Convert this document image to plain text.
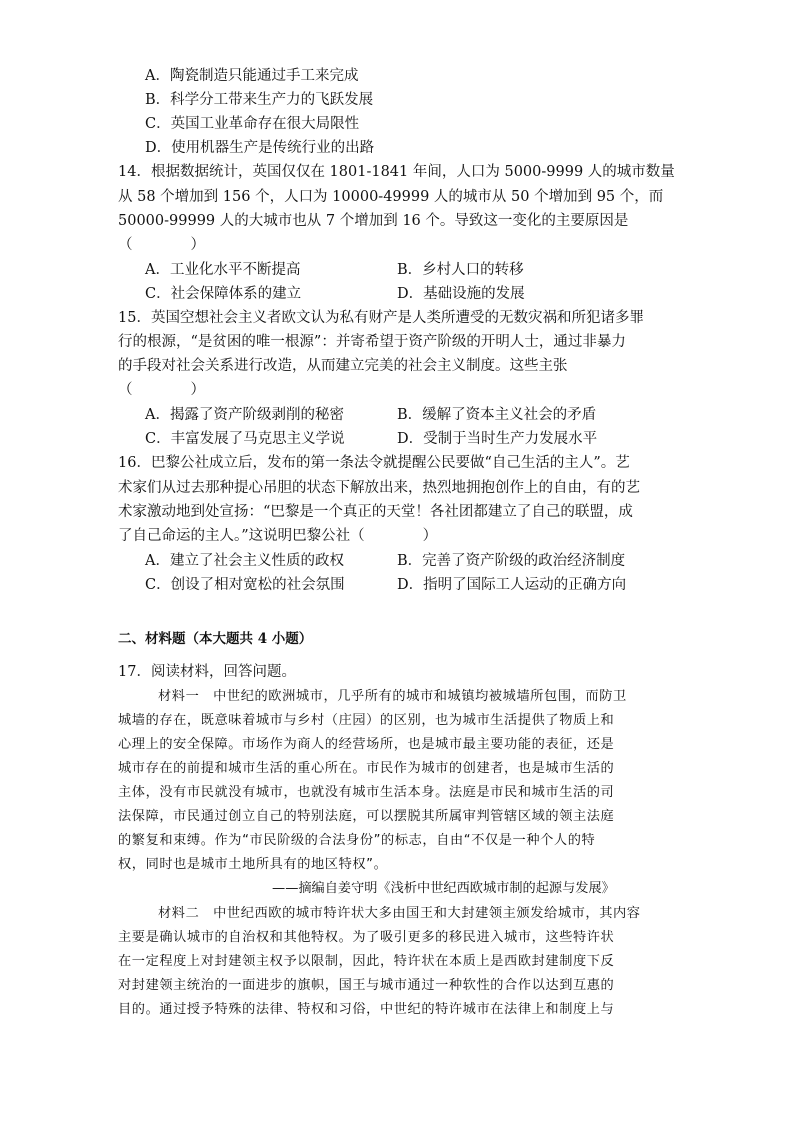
A．陶瓷制造只能通过手工来完成
B．科学分工带来生产力的飞跃发展
C．英国工业革命存在很大局限性
D．使用机器生产是传统行业的出路
14．根据数据统计，英国仅仅在 1801-1841 年间，人口为 5000-9999 人的城市数量
从 58 个增加到 156 个，人口为 10000-49999 人的城市从 50 个增加到 95 个，而
50000-99999 人的大城市也从 7 个增加到 16 个。导致这一变化的主要原因是
（　　　　）
A．工业化水平不断提高	B．乡村人口的转移
C．社会保障体系的建立	D．基础设施的发展
15．英国空想社会主义者欧文认为私有财产是人类所遭受的无数灾祸和所犯诸多罪
行的根源，“是贫困的唯一根源”：并寄希望于资产阶级的开明人士，通过非暴力
的手段对社会关系进行改造，从而建立完美的社会主义制度。这些主张
（　　　　）
A．揭露了资产阶级剥削的秘密	B．缓解了资本主义社会的矛盾
C．丰富发展了马克思主义学说	D．受制于当时生产力发展水平
16．巴黎公社成立后，发布的第一条法令就提醒公民要做“自己生活的主人”。艺
术家们从过去那种提心吊胆的状态下解放出来，热烈地拥抱创作上的自由，有的艺
术家激动地到处宣扬：“巴黎是一个真正的天堂！各社团都建立了自己的联盟，成
了自己命运的主人。”这说明巴黎公社（　　　　）
A．建立了社会主义性质的政权	B．完善了资产阶级的政治经济制度
C．创设了相对宽松的社会氛围	D．指明了国际工人运动的正确方向
二、材料题（本大题共 4 小题）
17．阅读材料，回答问题。
材料一　中世纪的欧洲城市，几乎所有的城市和城镇均被城墙所包围，而防卫
城墙的存在，既意味着城市与乡村（庄园）的区别，也为城市生活提供了物质上和
心理上的安全保障。市场作为商人的经营场所，也是城市最主要功能的表征，还是
城市存在的前提和城市生活的重心所在。市民作为城市的创建者，也是城市生活的
主体，没有市民就没有城市，也就没有城市生活本身。法庭是市民和城市生活的司
法保障，市民通过创立自己的特别法庭，可以摆脱其所属审判管辖区域的领主法庭
的繁复和束缚。作为“市民阶级的合法身份”的标志，自由“不仅是一种个人的特
权，同时也是城市土地所具有的地区特权”。
——摘编自姜守明《浅析中世纪西欧城市制的起源与发展》
材料二　中世纪西欧的城市特许状大多由国王和大封建领主颁发给城市，其内容
主要是确认城市的自治权和其他特权。为了吸引更多的移民进入城市，这些特许状
在一定程度上对封建领主权予以限制，因此，特许状在本质上是西欧封建制度下反
对封建领主统治的一面进步的旗帜，国王与城市通过一种软性的合作以达到互惠的
目的。通过授予特殊的法律、特权和习俗，中世纪的特许城市在法律上和制度上与
